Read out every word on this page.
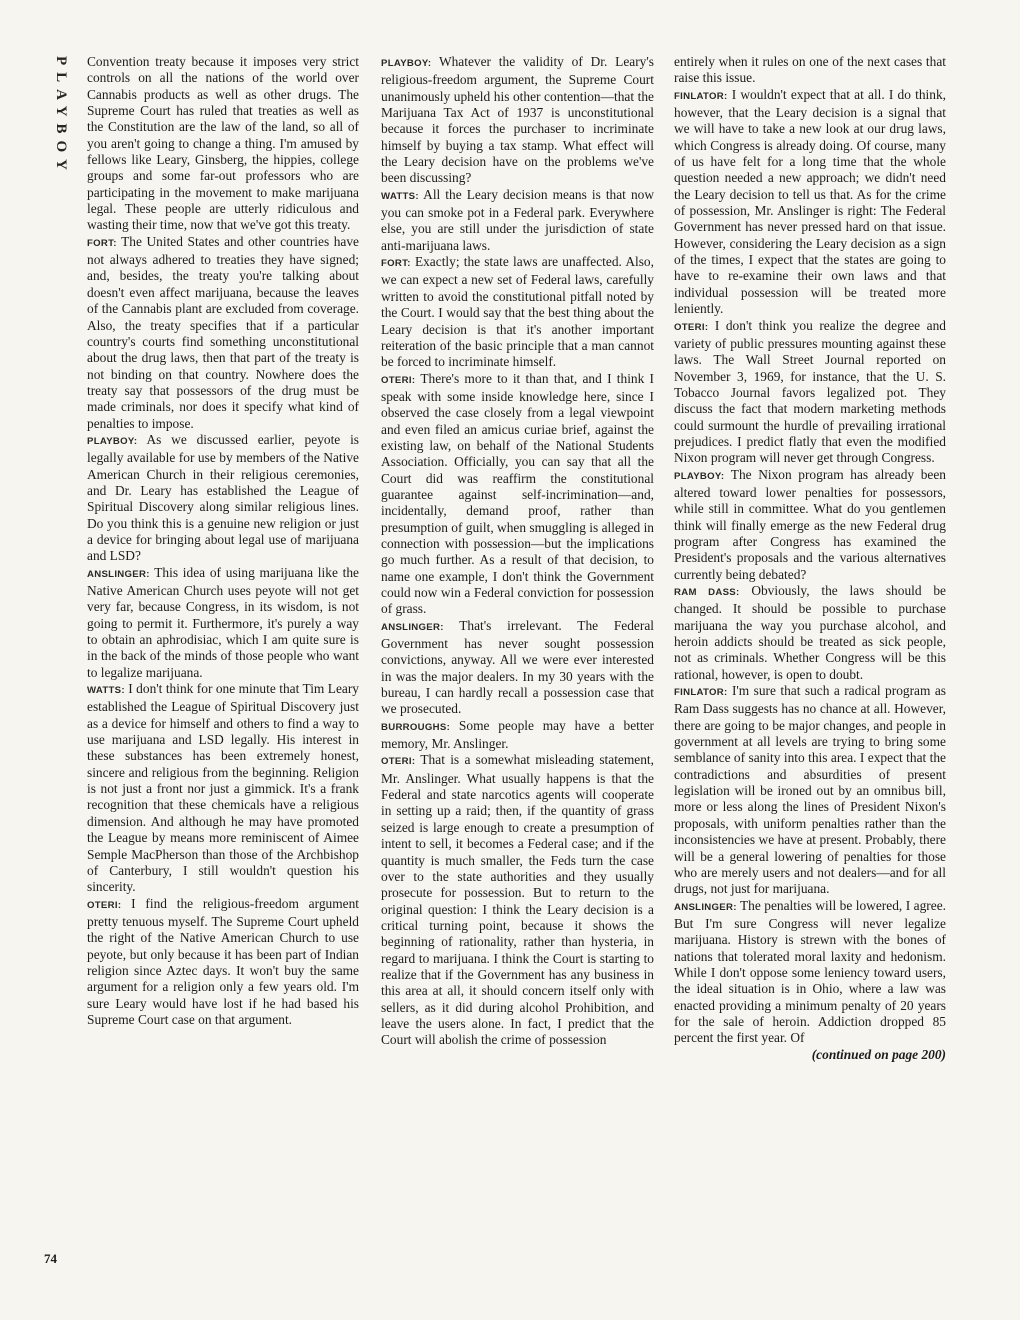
PLAYBOY
74

Convention treaty because it imposes very strict controls on all the nations of the world over Cannabis products as well as other drugs. The Supreme Court has ruled that treaties as well as the Constitution are the law of the land, so all of you aren't going to change a thing. I'm amused by fellows like Leary, Ginsberg, the hippies, college groups and some far-out professors who are participating in the movement to make marijuana legal. These people are utterly ridiculous and wasting their time, now that we've got this treaty.

FORT: The United States and other countries have not always adhered to treaties they have signed; and, besides, the treaty you're talking about doesn't even affect marijuana, because the leaves of the Cannabis plant are excluded from coverage. Also, the treaty specifies that if a particular country's courts find something unconstitutional about the drug laws, then that part of the treaty is not binding on that country. Nowhere does the treaty say that possessors of the drug must be made criminals, nor does it specify what kind of penalties to impose.

PLAYBOY: As we discussed earlier, peyote is legally available for use by members of the Native American Church in their religious ceremonies, and Dr. Leary has established the League of Spiritual Discovery along similar religious lines. Do you think this is a genuine new religion or just a device for bringing about legal use of marijuana and LSD?

ANSLINGER: This idea of using marijuana like the Native American Church uses peyote will not get very far, because Congress, in its wisdom, is not going to permit it. Furthermore, it's purely a way to obtain an aphrodisiac, which I am quite sure is in the back of the minds of those people who want to legalize marijuana.

WATTS: I don't think for one minute that Tim Leary established the League of Spiritual Discovery just as a device for himself and others to find a way to use marijuana and LSD legally. His interest in these substances has been extremely honest, sincere and religious from the beginning. Religion is not just a front nor just a gimmick. It's a frank recognition that these chemicals have a religious dimension. And although he may have promoted the League by means more reminiscent of Aimee Semple MacPherson than those of the Archbishop of Canterbury, I still wouldn't question his sincerity.

OTERI: I find the religious-freedom argument pretty tenuous myself. The Supreme Court upheld the right of the Native American Church to use peyote, but only because it has been part of Indian religion since Aztec days. It won't buy the same argument for a religion only a few years old. I'm sure Leary would have lost if he had based his Supreme Court case on that argument.

PLAYBOY: Whatever the validity of Dr. Leary's religious-freedom argument, the Supreme Court unanimously upheld his other contention—that the Marijuana Tax Act of 1937 is unconstitutional because it forces the purchaser to incriminate himself by buying a tax stamp. What effect will the Leary decision have on the problems we've been discussing?

WATTS: All the Leary decision means is that now you can smoke pot in a Federal park. Everywhere else, you are still under the jurisdiction of state anti-marijuana laws.

FORT: Exactly; the state laws are unaffected. Also, we can expect a new set of Federal laws, carefully written to avoid the constitutional pitfall noted by the Court. I would say that the best thing about the Leary decision is that it's another important reiteration of the basic principle that a man cannot be forced to incriminate himself.

OTERI: There's more to it than that, and I think I speak with some inside knowledge here, since I observed the case closely from a legal viewpoint and even filed an amicus curiae brief, against the existing law, on behalf of the National Students Association. Officially, you can say that all the Court did was reaffirm the constitutional guarantee against self-incrimination—and, incidentally, demand proof, rather than presumption of guilt, when smuggling is alleged in connection with possession—but the implications go much further. As a result of that decision, to name one example, I don't think the Government could now win a Federal conviction for possession of grass.

ANSLINGER: That's irrelevant. The Federal Government has never sought possession convictions, anyway. All we were ever interested in was the major dealers. In my 30 years with the bureau, I can hardly recall a possession case that we prosecuted.

BURROUGHS: Some people may have a better memory, Mr. Anslinger.

OTERI: That is a somewhat misleading statement, Mr. Anslinger. What usually happens is that the Federal and state narcotics agents will cooperate in setting up a raid; then, if the quantity of grass seized is large enough to create a presumption of intent to sell, it becomes a Federal case; and if the quantity is much smaller, the Feds turn the case over to the state authorities and they usually prosecute for possession. But to return to the original question: I think the Leary decision is a critical turning point, because it shows the beginning of rationality, rather than hysteria, in regard to marijuana. I think the Court is starting to realize that if the Government has any business in this area at all, it should concern itself only with sellers, as it did during alcohol Prohibition, and leave the users alone. In fact, I predict that the Court will abolish the crime of possession

entirely when it rules on one of the next cases that raise this issue.

FINLATOR: I wouldn't expect that at all. I do think, however, that the Leary decision is a signal that we will have to take a new look at our drug laws, which Congress is already doing. Of course, many of us have felt for a long time that the whole question needed a new approach; we didn't need the Leary decision to tell us that. As for the crime of possession, Mr. Anslinger is right: The Federal Government has never pressed hard on that issue. However, considering the Leary decision as a sign of the times, I expect that the states are going to have to re-examine their own laws and that individual possession will be treated more leniently.

OTERI: I don't think you realize the degree and variety of public pressures mounting against these laws. The Wall Street Journal reported on November 3, 1969, for instance, that the U. S. Tobacco Journal favors legalized pot. They discuss the fact that modern marketing methods could surmount the hurdle of prevailing irrational prejudices. I predict flatly that even the modified Nixon program will never get through Congress.

PLAYBOY: The Nixon program has already been altered toward lower penalties for possessors, while still in committee. What do you gentlemen think will finally emerge as the new Federal drug program after Congress has examined the President's proposals and the various alternatives currently being debated?

RAM DASS: Obviously, the laws should be changed. It should be possible to purchase marijuana the way you purchase alcohol, and heroin addicts should be treated as sick people, not as criminals. Whether Congress will be this rational, however, is open to doubt.

FINLATOR: I'm sure that such a radical program as Ram Dass suggests has no chance at all. However, there are going to be major changes, and people in government at all levels are trying to bring some semblance of sanity into this area. I expect that the contradictions and absurdities of present legislation will be ironed out by an omnibus bill, more or less along the lines of President Nixon's proposals, with uniform penalties rather than the inconsistencies we have at present. Probably, there will be a general lowering of penalties for those who are merely users and not dealers—and for all drugs, not just for marijuana.

ANSLINGER: The penalties will be lowered, I agree. But I'm sure Congress will never legalize marijuana. History is strewn with the bones of nations that tolerated moral laxity and hedonism. While I don't oppose some leniency toward users, the ideal situation is in Ohio, where a law was enacted providing a minimum penalty of 20 years for the sale of heroin. Addiction dropped 85 percent the first year. Of

(continued on page 200)
